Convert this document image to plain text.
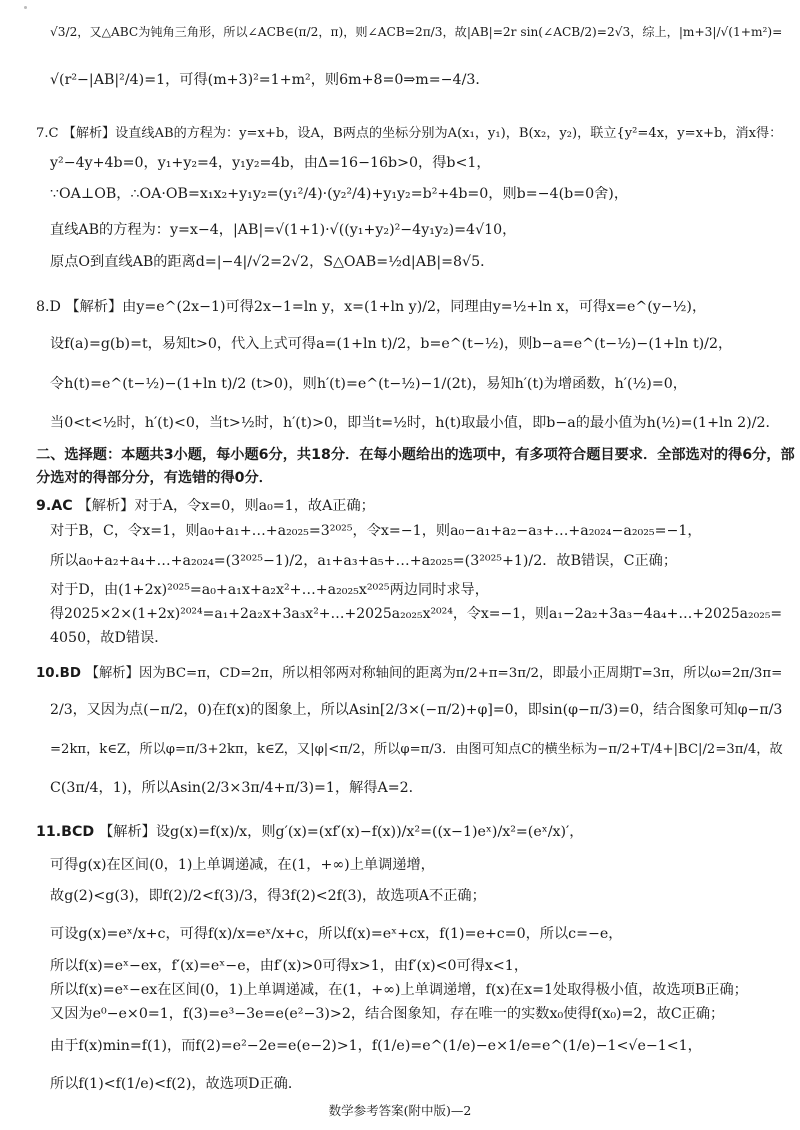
√3/2，又△ABC为钝角三角形，所以∠ACB∈(π/2，π)，则∠ACB=2π/3，故|AB|=2r sin(∠ACB/2)=2√3，综上，|m+3|/√(1+m²)=

√(r²−|AB|²/4)=1，可得(m+3)²=1+m²，则6m+8=0⇒m=−4/3．

7.C 【解析】设直线AB的方程为：y=x+b，设A，B两点的坐标分别为A(x₁，y₁)，B(x₂，y₂)，联立{y²=4x，y=x+b，消x得：

y²−4y+4b=0，y₁+y₂=4，y₁y₂=4b，由Δ=16−16b>0，得b<1，

∵OA⊥OB，∴OA·OB=x₁x₂+y₁y₂=(y₁²/4)·(y₂²/4)+y₁y₂=b²+4b=0，则b=−4(b=0舍)，

直线AB的方程为：y=x−4，|AB|=√(1+1)·√((y₁+y₂)²−4y₁y₂)=4√10，

原点O到直线AB的距离d=|−4|/√2=2√2，S△OAB=½d|AB|=8√5．

8.D 【解析】由y=e^(2x−1)可得2x−1=ln y，x=(1+ln y)/2，同理由y=½+ln x，可得x=e^(y−½)，

设f(a)=g(b)=t，易知t>0，代入上式可得a=(1+ln t)/2，b=e^(t−½)，则b−a=e^(t−½)−(1+ln t)/2，

令h(t)=e^(t−½)−(1+ln t)/2 (t>0)，则h′(t)=e^(t−½)−1/(2t)，易知h′(t)为增函数，h′(½)=0，

当0<t<½时，h′(t)<0，当t>½时，h′(t)>0，即当t=½时，h(t)取最小值，即b−a的最小值为h(½)=(1+ln 2)/2．

二、选择题：本题共3小题，每小题6分，共18分．在每小题给出的选项中，有多项符合题目要求．全部选对的得6分，部

分选对的得部分分，有选错的得0分．

9.AC 【解析】对于A，令x=0，则a₀=1，故A正确；

对于B，C，令x=1，则a₀+a₁+…+a₂₀₂₅=3²⁰²⁵，令x=−1，则a₀−a₁+a₂−a₃+…+a₂₀₂₄−a₂₀₂₅=−1，

所以a₀+a₂+a₄+…+a₂₀₂₄=(3²⁰²⁵−1)/2，a₁+a₃+a₅+…+a₂₀₂₅=(3²⁰²⁵+1)/2．故B错误，C正确；

对于D，由(1+2x)²⁰²⁵=a₀+a₁x+a₂x²+…+a₂₀₂₅x²⁰²⁵两边同时求导，

得2025×2×(1+2x)²⁰²⁴=a₁+2a₂x+3a₃x²+…+2025a₂₀₂₅x²⁰²⁴，令x=−1，则a₁−2a₂+3a₃−4a₄+…+2025a₂₀₂₅=

4050，故D错误．

10.BD 【解析】因为BC=π，CD=2π，所以相邻两对称轴间的距离为π/2+π=3π/2，即最小正周期T=3π，所以ω=2π/3π=

2/3，又因为点(−π/2，0)在f(x)的图象上，所以Asin[2/3×(−π/2)+φ]=0，即sin(φ−π/3)=0，结合图象可知φ−π/3

=2kπ，k∈Z，所以φ=π/3+2kπ，k∈Z，又|φ|<π/2，所以φ=π/3．由图可知点C的横坐标为−π/2+T/4+|BC|/2=3π/4，故

C(3π/4，1)，所以Asin(2/3×3π/4+π/3)=1，解得A=2．

11.BCD 【解析】设g(x)=f(x)/x，则g′(x)=(xf′(x)−f(x))/x²=((x−1)eˣ)/x²=(eˣ/x)′，

可得g(x)在区间(0，1)上单调递减，在(1，+∞)上单调递增，

故g(2)<g(3)，即f(2)/2<f(3)/3，得3f(2)<2f(3)，故选项A不正确；

可设g(x)=eˣ/x+c，可得f(x)/x=eˣ/x+c，所以f(x)=eˣ+cx，f(1)=e+c=0，所以c=−e，

所以f(x)=eˣ−ex，f′(x)=eˣ−e，由f′(x)>0可得x>1，由f′(x)<0可得x<1，

所以f(x)=eˣ−ex在区间(0，1)上单调递减，在(1，+∞)上单调递增，f(x)在x=1处取得极小值，故选项B正确；

又因为e⁰−e×0=1，f(3)=e³−3e=e(e²−3)>2，结合图象知，存在唯一的实数x₀使得f(x₀)=2，故C正确；

由于f(x)min=f(1)，而f(2)=e²−2e=e(e−2)>1，f(1/e)=e^(1/e)−e×1/e=e^(1/e)−1<√e−1<1，

所以f(1)<f(1/e)<f(2)，故选项D正确．

数学参考答案(附中版)—2
